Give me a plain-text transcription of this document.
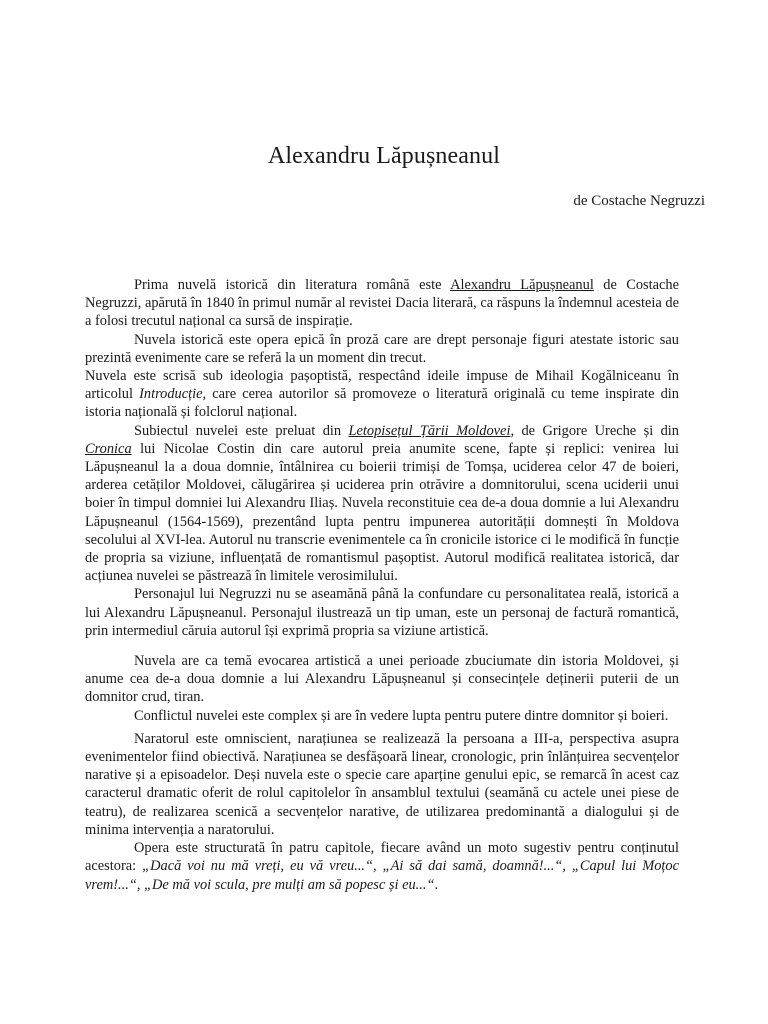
Alexandru Lăpușneanul

de Costache Negruzzi

Prima nuvelă istorică din literatura română este Alexandru Lăpușneanul de Costache Negruzzi, apărută în 1840 în primul număr al revistei Dacia literară, ca răspuns la îndemnul acesteia de a folosi trecutul național ca sursă de inspirație.

Nuvela istorică este opera epică în proză care are drept personaje figuri atestate istoric sau prezintă evenimente care se referă la un moment din trecut.

Nuvela este scrisă sub ideologia pașoptistă, respectând ideile impuse de Mihail Kogălniceanu în articolul Introducție, care cerea autorilor să promoveze o literatură originală cu teme inspirate din istoria națională și folclorul național.

Subiectul nuvelei este preluat din Letopisețul Țării Moldovei, de Grigore Ureche și din Cronica lui Nicolae Costin din care autorul preia anumite scene, fapte și replici: venirea lui Lăpușneanul la a doua domnie, întâlnirea cu boierii trimiși de Tomșa, uciderea celor 47 de boieri, arderea cetăților Moldovei, călugărirea și uciderea prin otrăvire a domnitorului, scena uciderii unui boier în timpul domniei lui Alexandru Iliaș. Nuvela reconstituie cea de-a doua domnie a lui Alexandru Lăpușneanul (1564-1569), prezentând lupta pentru impunerea autorității domnești în Moldova secolului al XVI-lea. Autorul nu transcrie evenimentele ca în cronicile istorice ci le modifică în funcție de propria sa viziune, influențată de romantismul pașoptist. Autorul modifică realitatea istorică, dar acțiunea nuvelei se păstrează în limitele verosimilului.

Personajul lui Negruzzi nu se aseamănă până la confundare cu personalitatea reală, istorică a lui Alexandru Lăpușneanul. Personajul ilustrează un tip uman, este un personaj de factură romantică, prin intermediul căruia autorul își exprimă propria sa viziune artistică.

Nuvela are ca temă evocarea artistică a unei perioade zbuciumate din istoria Moldovei, și anume cea de-a doua domnie a lui Alexandru Lăpușneanul și consecințele deținerii puterii de un domnitor crud, tiran.

Conflictul nuvelei este complex și are în vedere lupta pentru putere dintre domnitor și boieri.

Naratorul este omniscient, narațiunea se realizează la persoana a III-a, perspectiva asupra evenimentelor fiind obiectivă. Narațiunea se desfășoară linear, cronologic, prin înlănțuirea secvențelor narative și a episoadelor. Deși nuvela este o specie care aparține genului epic, se remarcă în acest caz caracterul dramatic oferit de rolul capitolelor în ansamblul textului (seamănă cu actele unei piese de teatru), de realizarea scenică a secvențelor narative, de utilizarea predominantă a dialogului și de minima intervenția a naratorului.

Opera este structurată în patru capitole, fiecare având un moto sugestiv pentru conținutul acestora: „Dacă voi nu mă vreți, eu vă vreu...“, „Ai să dai samă, doamnă!...“, „Capul lui Moțoc vrem!...“, „De mă voi scula, pre mulți am să popesc și eu...“.
